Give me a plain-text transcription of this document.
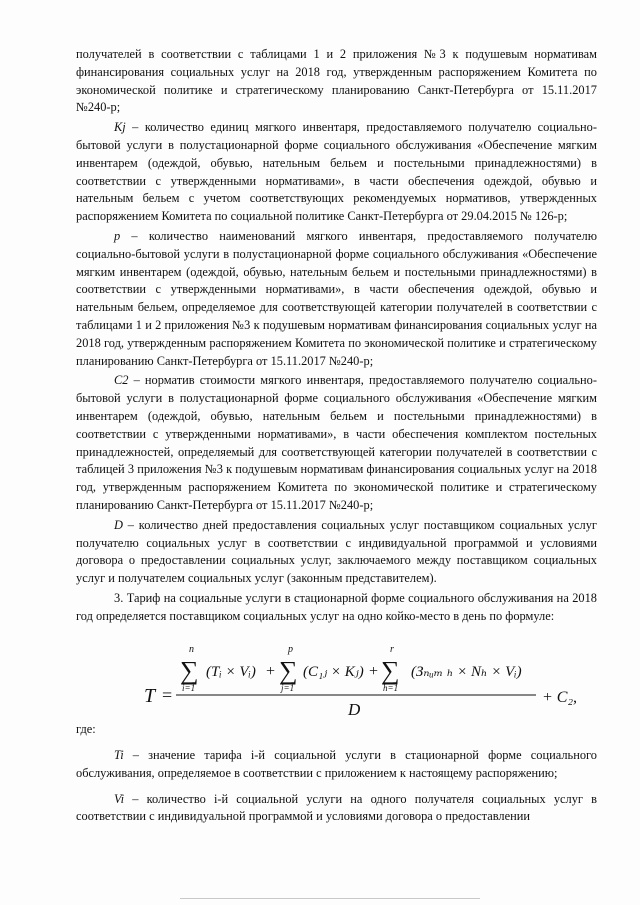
получателей в соответствии с таблицами 1 и 2 приложения №3 к подушевым нормативам финансирования социальных услуг на 2018 год, утвержденным распоряжением Комитета по экономической политике и стратегическому планированию Санкт-Петербурга от 15.11.2017 №240-р;

Kj – количество единиц мягкого инвентаря, предоставляемого получателю социально-бытовой услуги в полустационарной форме социального обслуживания «Обеспечение мягким инвентарем (одеждой, обувью, нательным бельем и постельными принадлежностями) в соответствии с утвержденными нормативами», в части обеспечения одеждой, обувью и нательным бельем с учетом соответствующих рекомендуемых нормативов, утвержденных распоряжением Комитета по социальной политике Санкт-Петербурга от 29.04.2015 № 126-р;

p – количество наименований мягкого инвентаря, предоставляемого получателю социально-бытовой услуги в полустационарной форме социального обслуживания «Обеспечение мягким инвентарем (одеждой, обувью, нательным бельем и постельными принадлежностями) в соответствии с утвержденными нормативами», в части обеспечения одеждой, обувью и нательным бельем, определяемое для соответствующей категории получателей в соответствии с таблицами 1 и 2 приложения №3 к подушевым нормативам финансирования социальных услуг на 2018 год, утвержденным распоряжением Комитета по экономической политике и стратегическому планированию Санкт-Петербурга от 15.11.2017 №240-р;

C2 – норматив стоимости мягкого инвентаря, предоставляемого получателю социально-бытовой услуги в полустационарной форме социального обслуживания «Обеспечение мягким инвентарем (одеждой, обувью, нательным бельем и постельными принадлежностями) в соответствии с утвержденными нормативами», в части обеспечения комплектом постельных принадлежностей, определяемый для соответствующей категории получателей в соответствии с таблицей 3 приложения №3 к подушевым нормативам финансирования социальных услуг на 2018 год, утвержденным распоряжением Комитета по экономической политике и стратегическому планированию Санкт-Петербурга от 15.11.2017 №240-р;

D – количество дней предоставления социальных услуг поставщиком социальных услуг получателю социальных услуг в соответствии с индивидуальной программой и условиями договора о предоставлении социальных услуг, заключаемого между поставщиком социальных услуг и получателем социальных услуг (законным представителем).

3. Тариф на социальные услуги в стационарной форме социального обслуживания на 2018 год определяется поставщиком социальных услуг на одно койко-место в день по формуле:

T =
n
∑
i=1
(Tᵢ × Vᵢ) +
p
∑
j=1
(C₁ⱼ × Kⱼ) +
r
∑
h=1
(Зₙᵤₘ ₕ × Nₕ × Vᵢ)
D
+ C₂,
где:

Ti – значение тарифа i-й социальной услуги в стационарной форме социального обслуживания, определяемое в соответствии с приложением к настоящему распоряжению;

Vi – количество i-й социальной услуги на одного получателя социальных услуг в соответствии с индивидуальной программой и условиями договора о предоставлении
